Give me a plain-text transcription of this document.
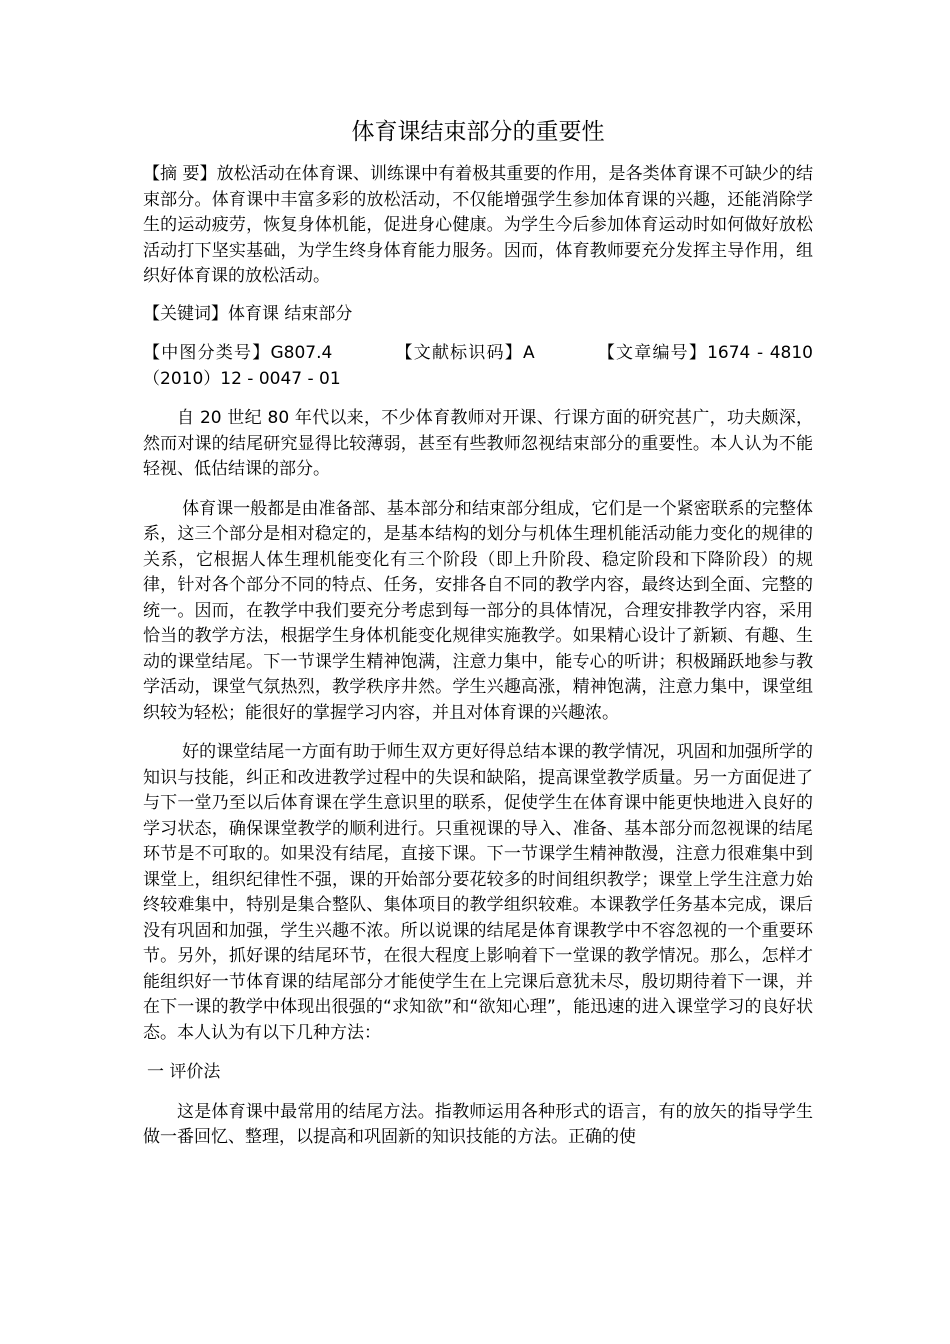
体育课结束部分的重要性

【摘 要】放松活动在体育课、训练课中有着极其重要的作用，是各类体育课不可缺少的结束部分。体育课中丰富多彩的放松活动，不仅能增强学生参加体育课的兴趣，还能消除学生的运动疲劳，恢复身体机能，促进身心健康。为学生今后参加体育运动时如何做好放松活动打下坚实基础，为学生终身体育能力服务。因而，体育教师要充分发挥主导作用，组织好体育课的放松活动。

【关键词】体育课 结束部分

【中图分类号】G807.4	【文献标识码】A	【文章编号】1674 - 4810（2010）12 - 0047 - 01

自 20 世纪 80 年代以来，不少体育教师对开课、行课方面的研究甚广，功夫颇深，然而对课的结尾研究显得比较薄弱，甚至有些教师忽视结束部分的重要性。本人认为不能轻视、低估结课的部分。

体育课一般都是由准备部、基本部分和结束部分组成，它们是一个紧密联系的完整体系，这三个部分是相对稳定的，是基本结构的划分与机体生理机能活动能力变化的规律的关系，它根据人体生理机能变化有三个阶段（即上升阶段、稳定阶段和下降阶段）的规律，针对各个部分不同的特点、任务，安排各自不同的教学内容，最终达到全面、完整的统一。因而，在教学中我们要充分考虑到每一部分的具体情况，合理安排教学内容，采用恰当的教学方法，根据学生身体机能变化规律实施教学。如果精心设计了新颖、有趣、生动的课堂结尾。下一节课学生精神饱满，注意力集中，能专心的听讲；积极踊跃地参与教学活动，课堂气氛热烈，教学秩序井然。学生兴趣高涨，精神饱满，注意力集中，课堂组织较为轻松；能很好的掌握学习内容，并且对体育课的兴趣浓。

好的课堂结尾一方面有助于师生双方更好得总结本课的教学情况，巩固和加强所学的知识与技能，纠正和改进教学过程中的失误和缺陷，提高课堂教学质量。另一方面促进了与下一堂乃至以后体育课在学生意识里的联系，促使学生在体育课中能更快地进入良好的学习状态，确保课堂教学的顺利进行。只重视课的导入、准备、基本部分而忽视课的结尾环节是不可取的。如果没有结尾，直接下课。下一节课学生精神散漫，注意力很难集中到课堂上，组织纪律性不强，课的开始部分要花较多的时间组织教学；课堂上学生注意力始终较难集中，特别是集合整队、集体项目的教学组织较难。本课教学任务基本完成，课后没有巩固和加强，学生兴趣不浓。所以说课的结尾是体育课教学中不容忽视的一个重要环节。另外，抓好课的结尾环节，在很大程度上影响着下一堂课的教学情况。那么，怎样才能组织好一节体育课的结尾部分才能使学生在上完课后意犹未尽，殷切期待着下一课，并在下一课的教学中体现出很强的“求知欲”和“欲知心理”，能迅速的进入课堂学习的良好状态。本人认为有以下几种方法：

一 评价法

这是体育课中最常用的结尾方法。指教师运用各种形式的语言，有的放矢的指导学生做一番回忆、整理，以提高和巩固新的知识技能的方法。正确的使
